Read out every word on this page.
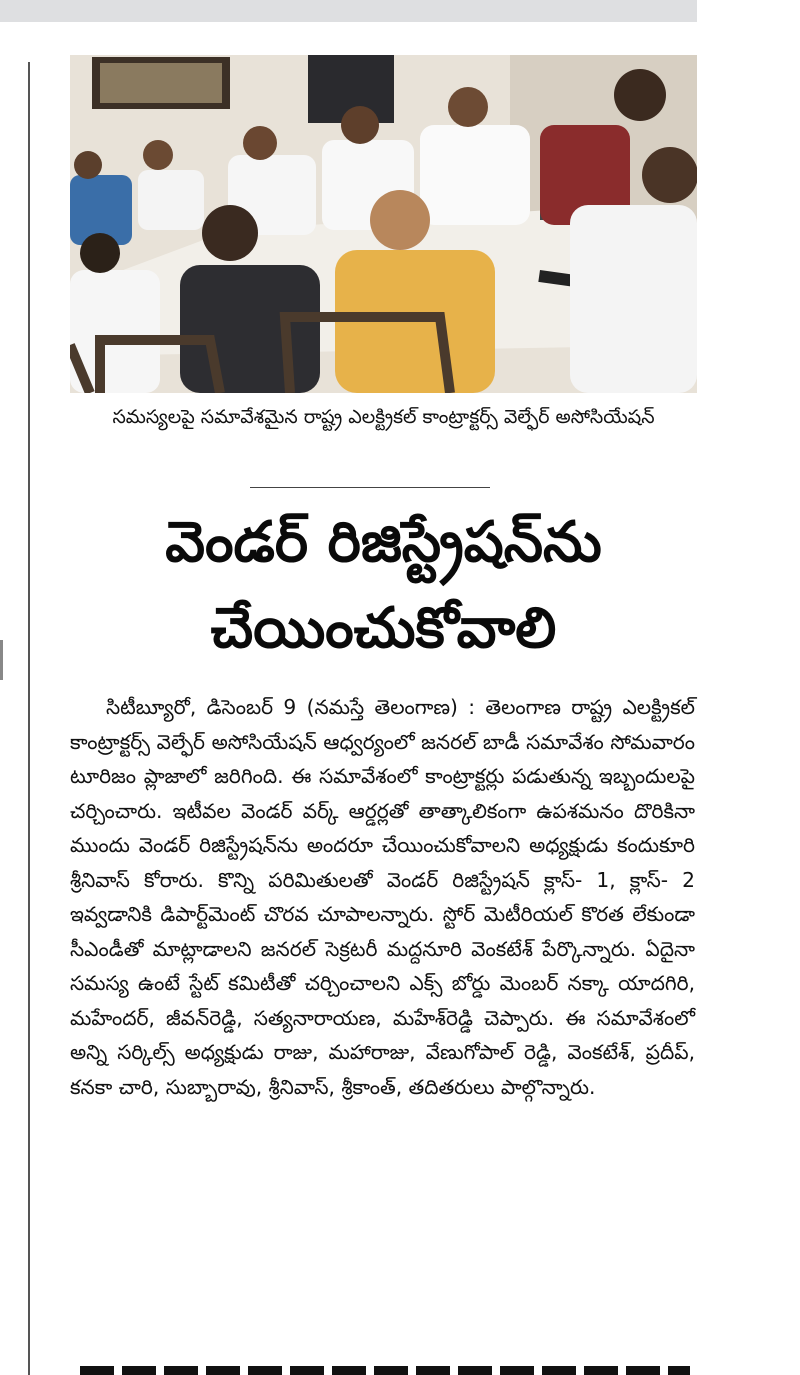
సమస్యలపై సమావేశమైన రాష్ట్ర ఎలక్ట్రికల్ కాంట్రాక్టర్స్ వెల్ఫేర్ అసోసియేషన్
వెండర్ రిజిస్ట్రేషన్‌ను చేయించుకోవాలి

సిటీబ్యూరో, డిసెంబర్ 9 (నమస్తే తెలంగాణ) : తెలంగాణ రాష్ట్ర ఎలక్ట్రికల్ కాంట్రాక్టర్స్ వెల్ఫేర్ అసోసియేషన్ ఆధ్వర్యంలో జనరల్ బాడీ సమావేశం సోమవారం టూరిజం ప్లాజాలో జరిగింది. ఈ సమావేశంలో కాంట్రాక్టర్లు పడుతున్న ఇబ్బందులపై చర్చించారు. ఇటీవల వెండర్ వర్క్ ఆర్డర్లతో తాత్కాలికంగా ఉపశమనం దొరికినా ముందు వెండర్ రిజిస్ట్రేషన్‌ను అందరూ చేయించుకోవాలని అధ్యక్షుడు కందుకూరి శ్రీనివాస్ కోరారు. కొన్ని పరిమితులతో వెండర్ రిజిస్ట్రేషన్ క్లాస్- 1, క్లాస్- 2 ఇవ్వడానికి డిపార్ట్‌మెంట్ చొరవ చూపాలన్నారు. స్టోర్ మెటీరియల్ కొరత లేకుండా సీఎండీతో మాట్లాడాలని జనరల్ సెక్రటరీ మద్దనూరి వెంకటేశ్ పేర్కొన్నారు. ఏదైనా సమస్య ఉంటే స్టేట్ కమిటీతో చర్చించాలని ఎక్స్ బోర్డు మెంబర్ నక్కా యాదగిరి, మహేందర్, జీవన్‌రెడ్డి, సత్యనారాయణ, మహేశ్‌రెడ్డి చెప్పారు. ఈ సమావేశంలో అన్ని సర్కిల్స్ అధ్యక్షుడు రాజు, మహారాజు, వేణుగోపాల్ రెడ్డి, వెంకటేశ్, ప్రదీప్, కనకా చారి, సుబ్బారావు, శ్రీనివాస్, శ్రీకాంత్, తదితరులు పాల్గొన్నారు.
